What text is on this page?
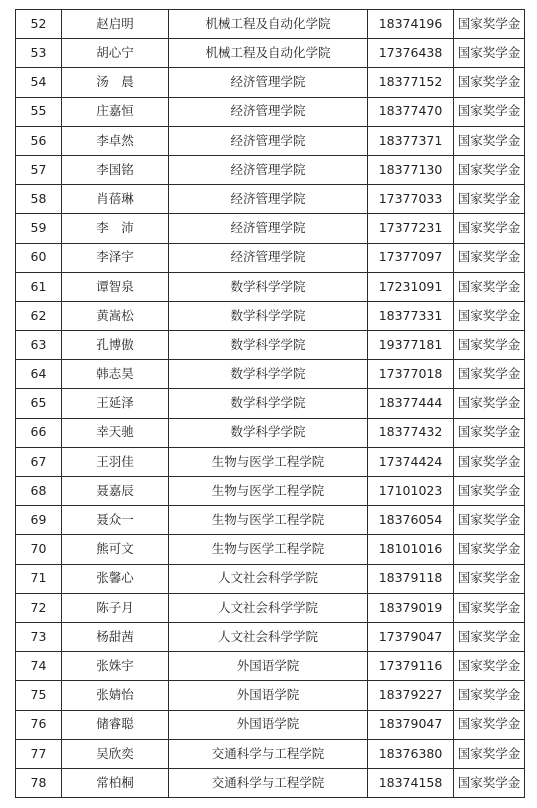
52	赵启明	机械工程及自动化学院	18374196	国家奖学金
53	胡心宁	机械工程及自动化学院	17376438	国家奖学金
54	汤　晨	经济管理学院	18377152	国家奖学金
55	庄嘉恒	经济管理学院	18377470	国家奖学金
56	李卓然	经济管理学院	18377371	国家奖学金
57	李国铭	经济管理学院	18377130	国家奖学金
58	肖蓓琳	经济管理学院	17377033	国家奖学金
59	李　沛	经济管理学院	17377231	国家奖学金
60	李泽宇	经济管理学院	17377097	国家奖学金
61	谭智泉	数学科学学院	17231091	国家奖学金
62	黄嵩松	数学科学学院	18377331	国家奖学金
63	孔博傲	数学科学学院	19377181	国家奖学金
64	韩志昊	数学科学学院	17377018	国家奖学金
65	王延泽	数学科学学院	18377444	国家奖学金
66	幸天驰	数学科学学院	18377432	国家奖学金
67	王羽佳	生物与医学工程学院	17374424	国家奖学金
68	聂嘉辰	生物与医学工程学院	17101023	国家奖学金
69	聂众一	生物与医学工程学院	18376054	国家奖学金
70	熊可文	生物与医学工程学院	18101016	国家奖学金
71	张馨心	人文社会科学学院	18379118	国家奖学金
72	陈子月	人文社会科学学院	18379019	国家奖学金
73	杨甜茜	人文社会科学学院	17379047	国家奖学金
74	张姝宇	外国语学院	17379116	国家奖学金
75	张婧怡	外国语学院	18379227	国家奖学金
76	储睿聪	外国语学院	18379047	国家奖学金
77	吴欣奕	交通科学与工程学院	18376380	国家奖学金
78	常柏桐	交通科学与工程学院	18374158	国家奖学金
